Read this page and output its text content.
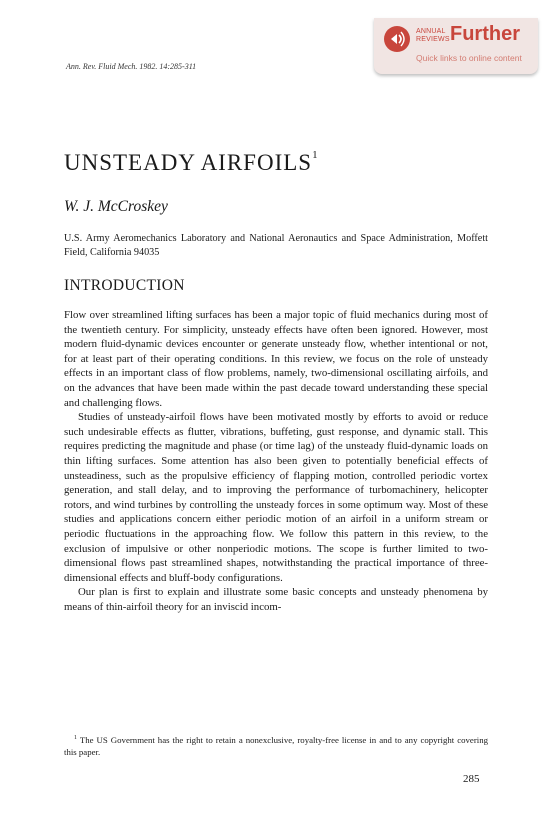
ANNUAL
REVIEWS Further
Quick links to online content
Ann. Rev. Fluid Mech. 1982. 14:285-311
UNSTEADY AIRFOILS$^1$
W. J. McCroskey
U.S. Army Aeromechanics Laboratory and National Aeronautics and Space Administration, Moffett Field, California 94035
INTRODUCTION

Flow over streamlined lifting surfaces has been a major topic of fluid mechanics during most of the twentieth century. For simplicity, unsteady effects have often been ignored. However, most modern fluid-dynamic devices encounter or generate unsteady flow, whether intentional or not, for at least part of their operating conditions. In this review, we focus on the role of unsteady effects in an important class of flow problems, namely, two-dimensional oscillating airfoils, and on the advances that have been made within the past decade toward understanding these special and challenging flows.

Studies of unsteady-airfoil flows have been motivated mostly by efforts to avoid or reduce such undesirable effects as flutter, vibrations, buffeting, gust response, and dynamic stall. This requires predicting the magnitude and phase (or time lag) of the unsteady fluid-dynamic loads on thin lifting surfaces. Some attention has also been given to potentially beneficial effects of unsteadiness, such as the propulsive efficiency of flapping motion, controlled periodic vortex generation, and stall delay, and to improving the performance of turbomachinery, helicopter rotors, and wind turbines by controlling the unsteady forces in some optimum way. Most of these studies and applications concern either periodic motion of an airfoil in a uniform stream or periodic fluctuations in the approaching flow. We follow this pattern in this review, to the exclusion of impulsive or other nonperiodic motions. The scope is further limited to two-dimensional flows past streamlined shapes, notwithstanding the practical importance of three-dimensional effects and bluff-body configurations.

Our plan is first to explain and illustrate some basic concepts and unsteady phenomena by means of thin-airfoil theory for an inviscid incom-

$^1$ The US Government has the right to retain a nonexclusive, royalty-free license in and to any copyright covering this paper.
285
